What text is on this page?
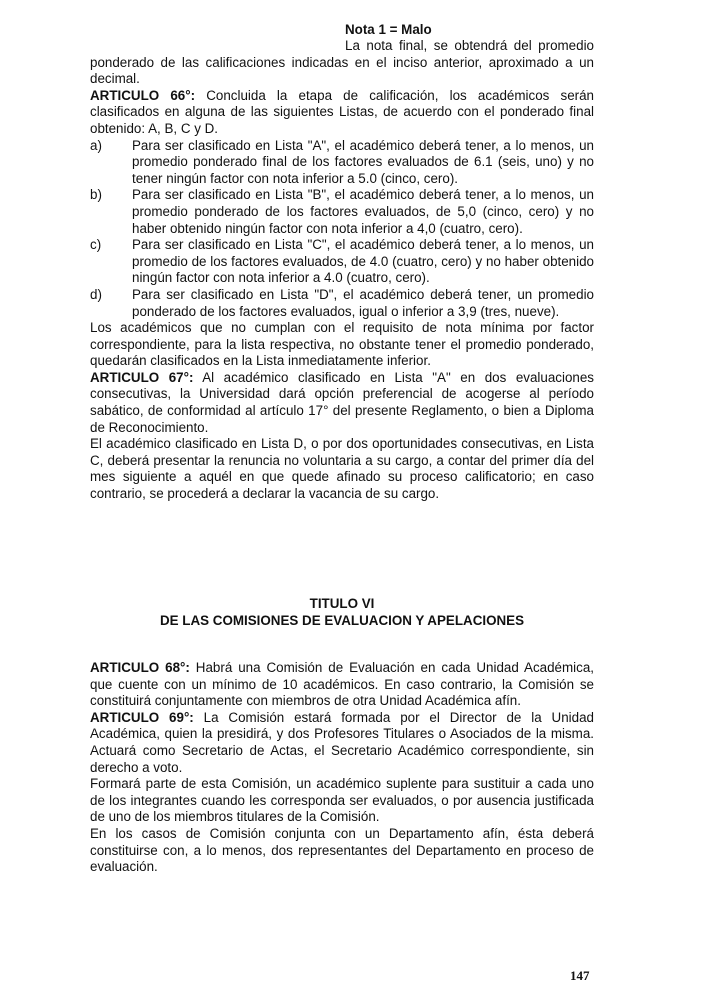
Nota 1 = Malo

La nota final, se obtendrá del promedio ponderado de las calificaciones indicadas en el inciso anterior, aproximado a un decimal.

ARTICULO 66°: Concluida la etapa de calificación, los académicos serán clasificados en alguna de las siguientes Listas, de acuerdo con el ponderado final obtenido: A, B, C y D.

a)	Para ser clasificado en Lista "A", el académico deberá tener, a lo menos, un promedio ponderado final de los factores evaluados de 6.1 (seis, uno) y no tener ningún factor con nota inferior a 5.0 (cinco, cero).
b)	Para ser clasificado en Lista "B", el académico deberá tener, a lo menos, un promedio ponderado de los factores evaluados, de 5,0 (cinco, cero) y no haber obtenido ningún factor con nota inferior a 4,0 (cuatro, cero).
c)	Para ser clasificado en Lista "C", el académico deberá tener, a lo menos, un promedio de los factores evaluados, de 4.0 (cuatro, cero) y no haber obtenido ningún factor con nota inferior a 4.0 (cuatro, cero).
d)	Para ser clasificado en Lista "D", el académico deberá tener, un promedio ponderado de los factores evaluados, igual o inferior a 3,9 (tres, nueve).

Los académicos que no cumplan con el requisito de nota mínima por factor correspondiente, para la lista respectiva, no obstante tener el promedio ponderado, quedarán clasificados en la Lista inmediatamente inferior.

ARTICULO 67°: Al académico clasificado en Lista "A" en dos evaluaciones consecutivas, la Universidad dará opción preferencial de acogerse al período sabático, de conformidad al artículo 17° del presente Reglamento, o bien a Diploma de Reconocimiento.

El académico clasificado en Lista D, o por dos oportunidades consecutivas, en Lista C, deberá presentar la renuncia no voluntaria a su cargo, a contar del primer día del mes siguiente a aquél en que quede afinado su proceso calificatorio; en caso contrario, se procederá a declarar la vacancia de su cargo.

TITULO VI
DE LAS COMISIONES DE EVALUACION Y APELACIONES

ARTICULO 68°: Habrá una Comisión de Evaluación en cada Unidad Académica, que cuente con un mínimo de 10 académicos. En caso contrario, la Comisión se constituirá conjuntamente con miembros de otra Unidad Académica afín.

ARTICULO 69°: La Comisión estará formada por el Director de la Unidad Académica, quien la presidirá, y dos Profesores Titulares o Asociados de la misma. Actuará como Secretario de Actas, el Secretario Académico correspondiente, sin derecho a voto.

Formará parte de esta Comisión, un académico suplente para sustituir a cada uno de los integrantes cuando les corresponda ser evaluados, o por ausencia justificada de uno de los miembros titulares de la Comisión.

En los casos de Comisión conjunta con un Departamento afín, ésta deberá constituirse con, a lo menos, dos representantes del Departamento en proceso de evaluación.

147
